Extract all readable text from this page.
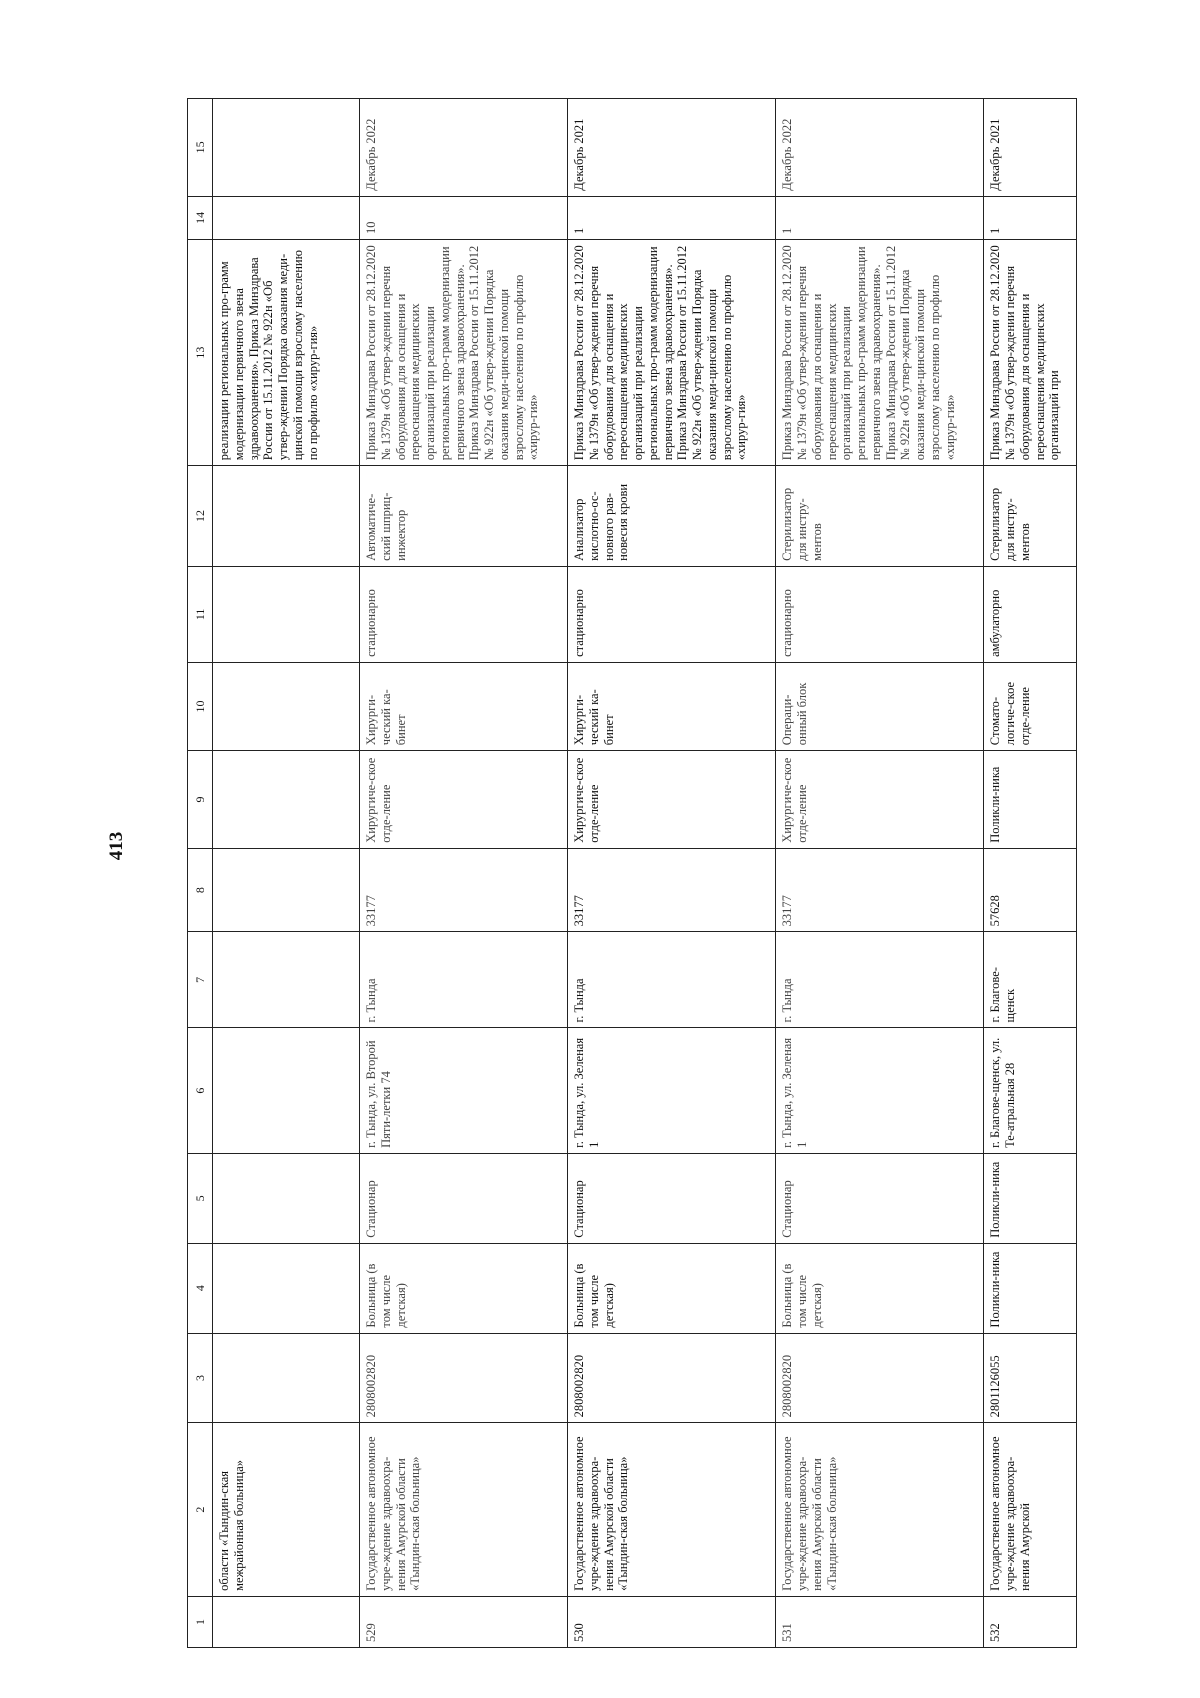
413
1	2	3	4	5	6	7	8	9	10	11	12	13	14	15
	области «Тындин-ская межрайонная больница»											реализации региональных про-грамм модернизации первичного звена здравоохранения». Приказ Минздрава России от 15.11.2012 № 922н «Об утвер-ждении Порядка оказания меди-цинской помощи взрослому населению по профилю «хирур-гия»		
529	Государственное автономное учре-ждение здравоохра-нения Амурской области «Тындин-ская больница»	2808002820	Больница (в том числе детская)	Стационар	г. Тында, ул. Второй Пяти-летки 74	г. Тында	33177	Хирургиче-ское отде-ление	Хирурги-ческий ка-бинет	стационарно	Автоматиче-ский шприц-инжектор	Приказ Минздрава России от 28.12.2020 № 1379н «Об утвер-ждении перечня оборудования для оснащения и переоснащения медицинских организаций при реализации региональных про-грамм модернизации первичного звена здравоохранения». Приказ Минздрава России от 15.11.2012 № 922н «Об утвер-ждении Порядка оказания меди-цинской помощи взрослому населению по профилю «хирур-гия»	10	Декабрь 2022
530	Государственное автономное учре-ждение здравоохра-нения Амурской области «Тындин-ская больница»	2808002820	Больница (в том числе детская)	Стационар	г. Тында, ул. Зеленая 1	г. Тында	33177	Хирургиче-ское отде-ление	Хирурги-ческий ка-бинет	стационарно	Анализатор кислотно-ос-новного рав-новесия крови	Приказ Минздрава России от 28.12.2020 № 1379н «Об утвер-ждении перечня оборудования для оснащения и переоснащения медицинских организаций при реализации региональных про-грамм модернизации первичного звена здравоохранения». Приказ Минздрава России от 15.11.2012 № 922н «Об утвер-ждении Порядка оказания меди-цинской помощи взрослому населению по профилю «хирур-гия»	1	Декабрь 2021
531	Государственное автономное учре-ждение здравоохра-нения Амурской области «Тындин-ская больница»	2808002820	Больница (в том числе детская)	Стационар	г. Тында, ул. Зеленая 1	г. Тында	33177	Хирургиче-ское отде-ление	Операци-онный блок	стационарно	Стерилизатор для инстру-ментов	Приказ Минздрава России от 28.12.2020 № 1379н «Об утвер-ждении перечня оборудования для оснащения и переоснащения медицинских организаций при реализации региональных про-грамм модернизации первичного звена здравоохранения». Приказ Минздрава России от 15.11.2012 № 922н «Об утвер-ждении Порядка оказания меди-цинской помощи взрослому населению по профилю «хирур-гия»	1	Декабрь 2022
532	Государственное автономное учре-ждение здравоохра-нения Амурской	2801126055	Поликли-ника	Поликли-ника	г. Благове-щенск, ул. Те-атральная 28	г. Благове-щенск	57628	Поликли-ника	Стомато-логиче-ское отде-ление	амбулаторно	Стерилизатор для инстру-ментов	Приказ Минздрава России от 28.12.2020 № 1379н «Об утвер-ждении перечня оборудования для оснащения и переоснащения медицинских организаций при	1	Декабрь 2021
